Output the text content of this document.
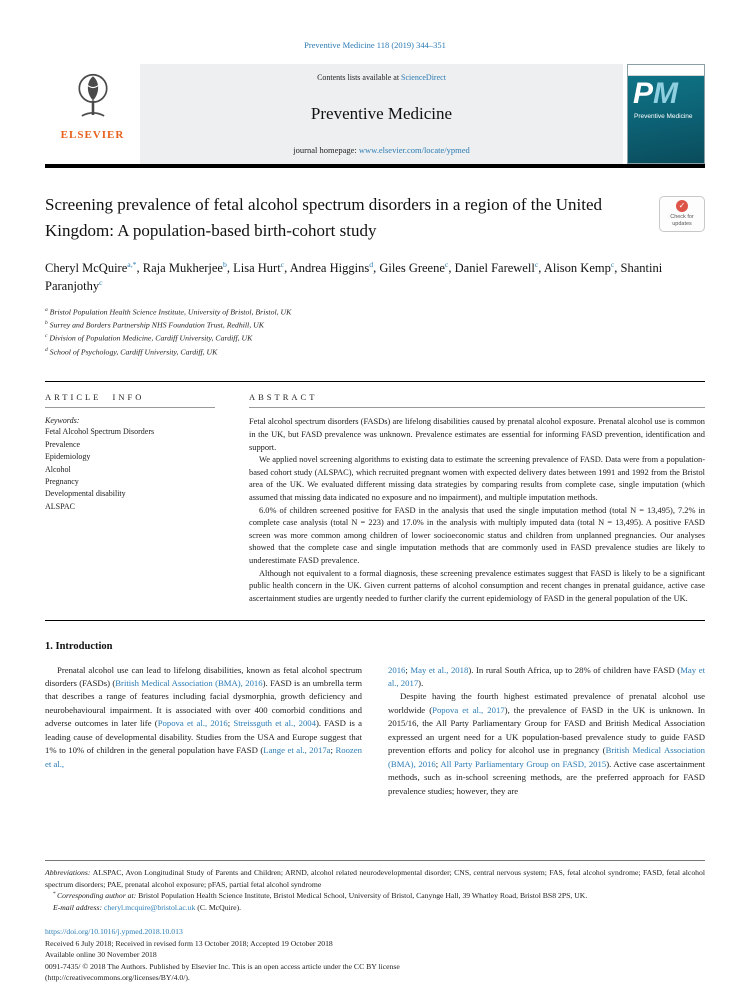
Preventive Medicine 118 (2019) 344–351
ELSEVIER
Contents lists available at ScienceDirect
Preventive Medicine
journal homepage: www.elsevier.com/locate/ypmed
PM
Preventive Medicine
Screening prevalence of fetal alcohol spectrum disorders in a region of the United Kingdom: A population-based birth-cohort study
✓
Check for
updates
Cheryl McQuire$^{a,*}$, Raja Mukherjee$^b$, Lisa Hurt$^c$, Andrea Higgins$^d$, Giles Greene$^c$, Daniel Farewell$^c$, Alison Kemp$^c$, Shantini Paranjothy$^c$
$^a$ Bristol Population Health Science Institute, University of Bristol, Bristol, UK
$^b$ Surrey and Borders Partnership NHS Foundation Trust, Redhill, UK
$^c$ Division of Population Medicine, Cardiff University, Cardiff, UK
$^d$ School of Psychology, Cardiff University, Cardiff, UK
ARTICLE INFO
Keywords:
Fetal Alcohol Spectrum Disorders
Prevalence
Epidemiology
Alcohol
Pregnancy
Developmental disability
ALSPAC
ABSTRACT

Fetal alcohol spectrum disorders (FASDs) are lifelong disabilities caused by prenatal alcohol exposure. Prenatal alcohol use is common in the UK, but FASD prevalence was unknown. Prevalence estimates are essential for informing FASD prevention, identification and support.

We applied novel screening algorithms to existing data to estimate the screening prevalence of FASD. Data were from a population-based cohort study (ALSPAC), which recruited pregnant women with expected delivery dates between 1991 and 1992 from the Bristol area of the UK. We evaluated different missing data strategies by comparing results from complete case, single imputation (which assumed that missing data indicated no exposure and no impairment), and multiple imputation methods.

6.0% of children screened positive for FASD in the analysis that used the single imputation method (total N = 13,495), 7.2% in complete case analysis (total N = 223) and 17.0% in the analysis with multiply imputed data (total N = 13,495). A positive FASD screen was more common among children of lower socioeconomic status and children from unplanned pregnancies. Our analyses showed that the complete case and single imputation methods that are commonly used in FASD prevalence studies are likely to underestimate FASD prevalence.

Although not equivalent to a formal diagnosis, these screening prevalence estimates suggest that FASD is likely to be a significant public health concern in the UK. Given current patterns of alcohol consumption and recent changes in prenatal guidance, active case ascertainment studies are urgently needed to further clarify the current epidemiology of FASD in the general population of the UK.

1. Introduction

Prenatal alcohol use can lead to lifelong disabilities, known as fetal alcohol spectrum disorders (FASDs) (British Medical Association (BMA), 2016). FASD is an umbrella term that describes a range of features including facial dysmorphia, growth deficiency and neurobehavioural impairment. It is associated with over 400 comorbid conditions and adverse outcomes in later life (Popova et al., 2016; Streissguth et al., 2004). FASD is a leading cause of developmental disability. Studies from the USA and Europe suggest that 1% to 10% of children in the general population have FASD (Lange et al., 2017a; Roozen et al.,

2016; May et al., 2018). In rural South Africa, up to 28% of children have FASD (May et al., 2017).

Despite having the fourth highest estimated prevalence of prenatal alcohol use worldwide (Popova et al., 2017), the prevalence of FASD in the UK is unknown. In 2015/16, the All Party Parliamentary Group for FASD and British Medical Association expressed an urgent need for a UK population-based prevalence study to guide FASD prevention efforts and policy for alcohol use in pregnancy (British Medical Association (BMA), 2016; All Party Parliamentary Group on FASD, 2015). Active case ascertainment methods, such as in-school screening methods, are the preferred approach for FASD prevalence studies; however, they are

Abbreviations: ALSPAC, Avon Longitudinal Study of Parents and Children; ARND, alcohol related neurodevelopmental disorder; CNS, central nervous system; FAS, fetal alcohol syndrome; FASD, fetal alcohol spectrum disorders; PAE, prenatal alcohol exposure; pFAS, partial fetal alcohol syndrome

* Corresponding author at: Bristol Population Health Science Institute, Bristol Medical School, University of Bristol, Canynge Hall, 39 Whatley Road, Bristol BS8 2PS, UK.

E-mail address: cheryl.mcquire@bristol.ac.uk (C. McQuire).

https://doi.org/10.1016/j.ypmed.2018.10.013

Received 6 July 2018; Received in revised form 13 October 2018; Accepted 19 October 2018

Available online 30 November 2018

0091-7435/ © 2018 The Authors. Published by Elsevier Inc. This is an open access article under the CC BY license

(http://creativecommons.org/licenses/BY/4.0/).
